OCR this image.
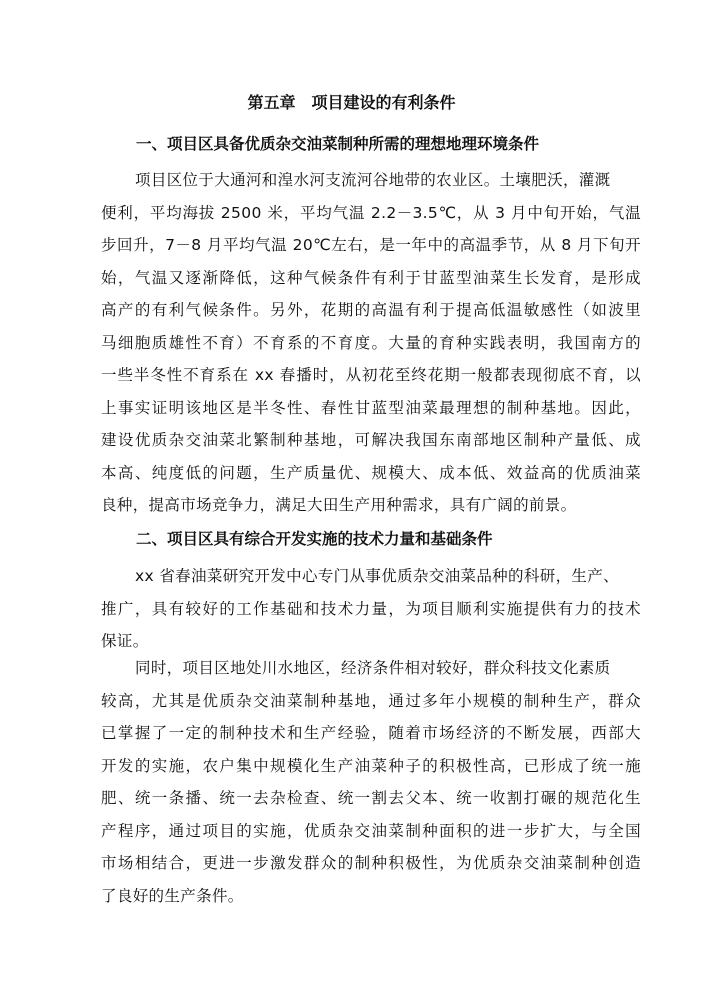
第五章　项目建设的有利条件
一、项目区具备优质杂交油菜制种所需的理想地理环境条件
项目区位于大通河和湟水河支流河谷地带的农业区。土壤肥沃，灌溉
便利，平均海拔 2500 米，平均气温 2.2－3.5℃，从 3 月中旬开始，气温
步回升，7－8 月平均气温 20℃左右，是一年中的高温季节，从 8 月下旬开
始，气温又逐渐降低，这种气候条件有利于甘蓝型油菜生长发育，是形成
高产的有利气候条件。另外，花期的高温有利于提高低温敏感性（如波里
马细胞质雄性不育）不育系的不育度。大量的育种实践表明，我国南方的
一些半冬性不育系在 xx 春播时，从初花至终花期一般都表现彻底不育，以
上事实证明该地区是半冬性、春性甘蓝型油菜最理想的制种基地。因此，
建设优质杂交油菜北繁制种基地，可解决我国东南部地区制种产量低、成
本高、纯度低的问题，生产质量优、规模大、成本低、效益高的优质油菜
良种，提高市场竞争力，满足大田生产用种需求，具有广阔的前景。
二、项目区具有综合开发实施的技术力量和基础条件
xx 省春油菜研究开发中心专门从事优质杂交油菜品种的科研，生产、
推广，具有较好的工作基础和技术力量，为项目顺利实施提供有力的技术
保证。
同时，项目区地处川水地区，经济条件相对较好，群众科技文化素质
较高，尤其是优质杂交油菜制种基地，通过多年小规模的制种生产，群众
已掌握了一定的制种技术和生产经验，随着市场经济的不断发展，西部大
开发的实施，农户集中规模化生产油菜种子的积极性高，已形成了统一施
肥、统一条播、统一去杂检查、统一割去父本、统一收割打碾的规范化生
产程序，通过项目的实施，优质杂交油菜制种面积的进一步扩大，与全国
市场相结合，更进一步激发群众的制种积极性，为优质杂交油菜制种创造
了良好的生产条件。
